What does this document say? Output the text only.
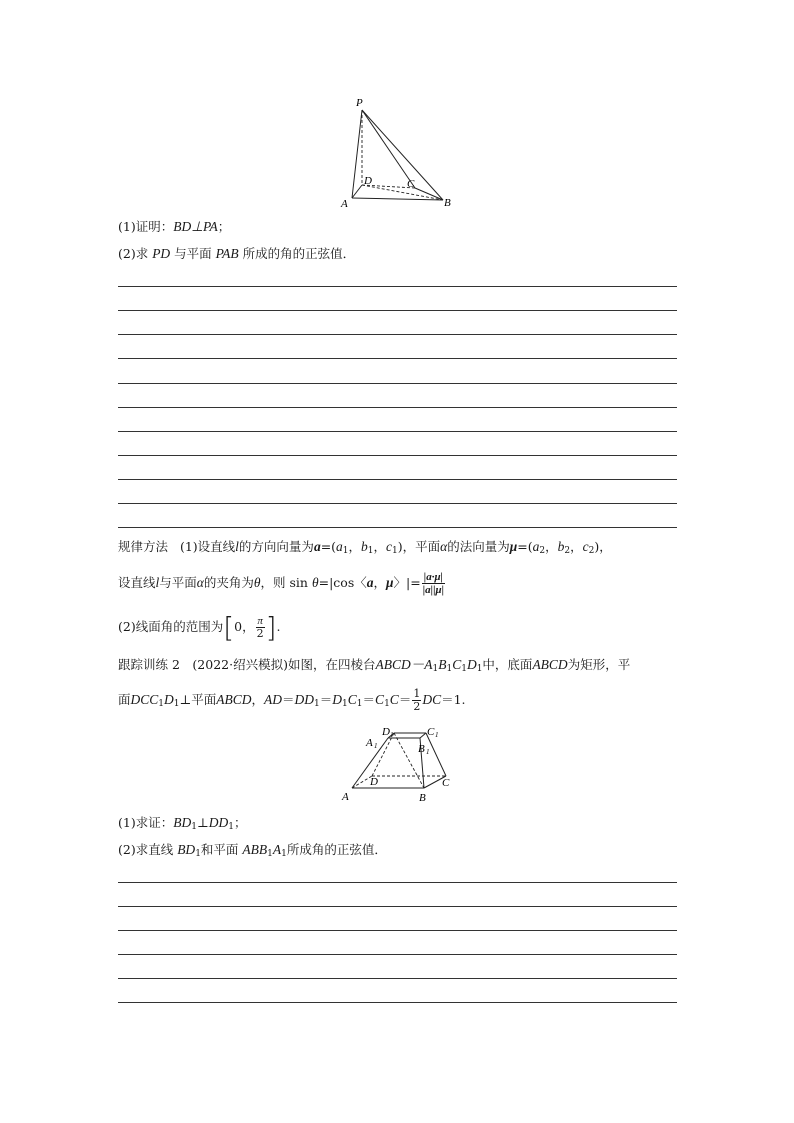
P
A	B
C
D
(1)证明：BD⊥PA；
(2)求 PD 与平面 PAB 所成的角的正弦值．
规律方法 (1)设直线l的方向向量为$a=(a_1$，$b_1$，$c_1$)，平面α的法向量为$\mu=(a_2$，$b_2$，$c_2$)，
设直线l与平面α的夹角为θ，则 sin θ=|cos〈a，μ〉|= $\frac{|a\cdot\mu|}{|a||\mu|}$
(2)线面角的范围为[0， $\frac{\pi}{2}$ ].
跟踪训练 2　(2022·绍兴模拟)如图，在四棱台$ABCD-A_1B_1C_1D_1$中，底面ABCD为矩形，平
面$DCC_1D_1\perp$平面ABCD，$AD=DD_1=D_1C_1=C_1C= \frac{1}{2} DC=1$.
A	B
C
D
A 1	B 1
C 1
D 1
(1)求证：$BD_1\perp DD_1$；
(2)求直线 $BD_1$和平面 $ABB_1A_1$所成角的正弦值．
